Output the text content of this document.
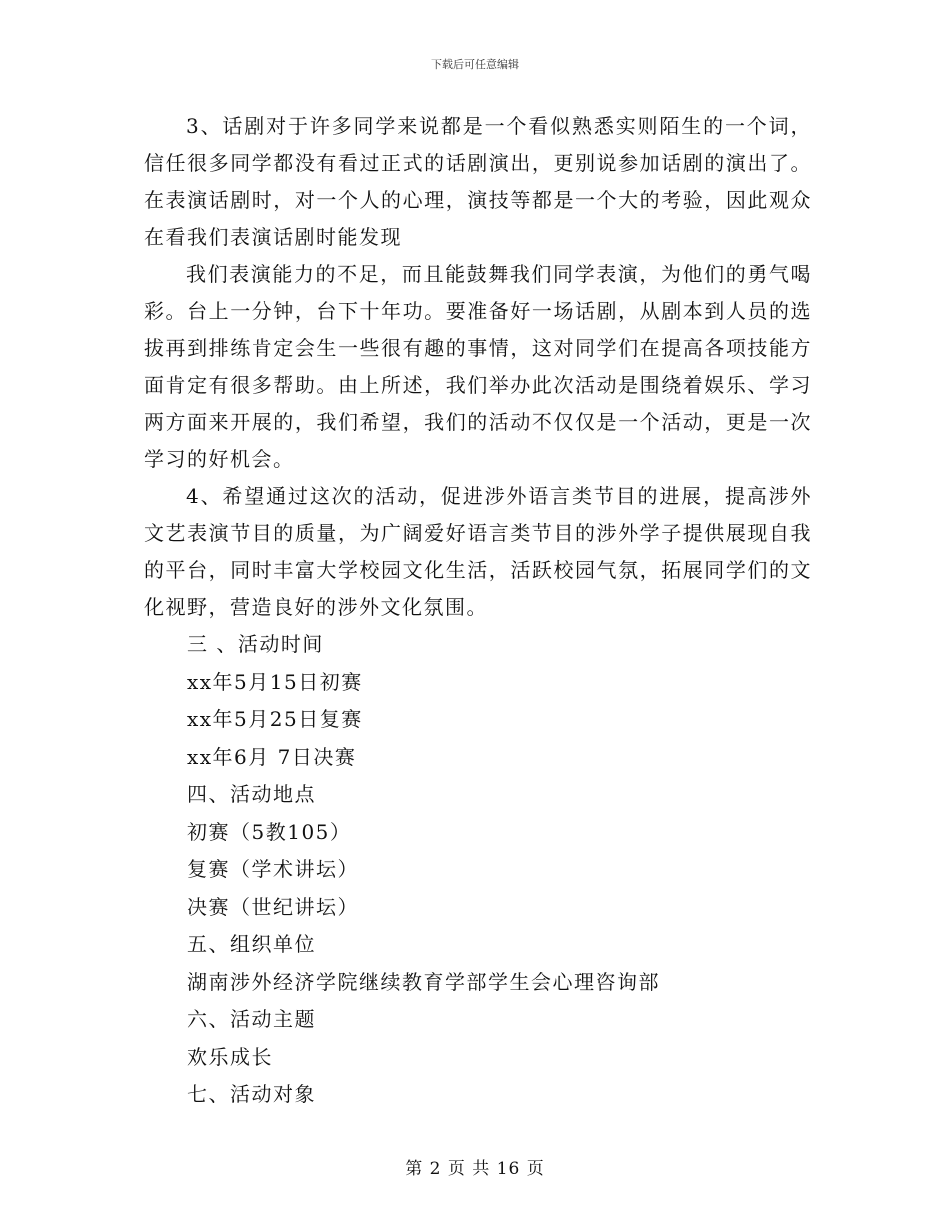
下载后可任意编辑

3、话剧对于许多同学来说都是一个看似熟悉实则陌生的一个词，信任很多同学都没有看过正式的话剧演出，更别说参加话剧的演出了。在表演话剧时，对一个人的心理，演技等都是一个大的考验，因此观众在看我们表演话剧时能发现

我们表演能力的不足，而且能鼓舞我们同学表演，为他们的勇气喝彩。台上一分钟，台下十年功。要准备好一场话剧，从剧本到人员的选拔再到排练肯定会生一些很有趣的事情，这对同学们在提高各项技能方面肯定有很多帮助。由上所述，我们举办此次活动是围绕着娱乐、学习两方面来开展的，我们希望，我们的活动不仅仅是一个活动，更是一次学习的好机会。

4、希望通过这次的活动，促进涉外语言类节目的进展，提高涉外文艺表演节目的质量，为广阔爱好语言类节目的涉外学子提供展现自我的平台，同时丰富大学校园文化生活，活跃校园气氛，拓展同学们的文化视野，营造良好的涉外文化氛围。

三 、活动时间

xx年5月15日初赛

xx年5月25日复赛

xx年6月 7日决赛

四、活动地点

初赛（5教105）

复赛（学术讲坛）

决赛（世纪讲坛）

五、组织单位

湖南涉外经济学院继续教育学部学生会心理咨询部

六、活动主题

欢乐成长

七、活动对象

第 2 页 共 16 页
